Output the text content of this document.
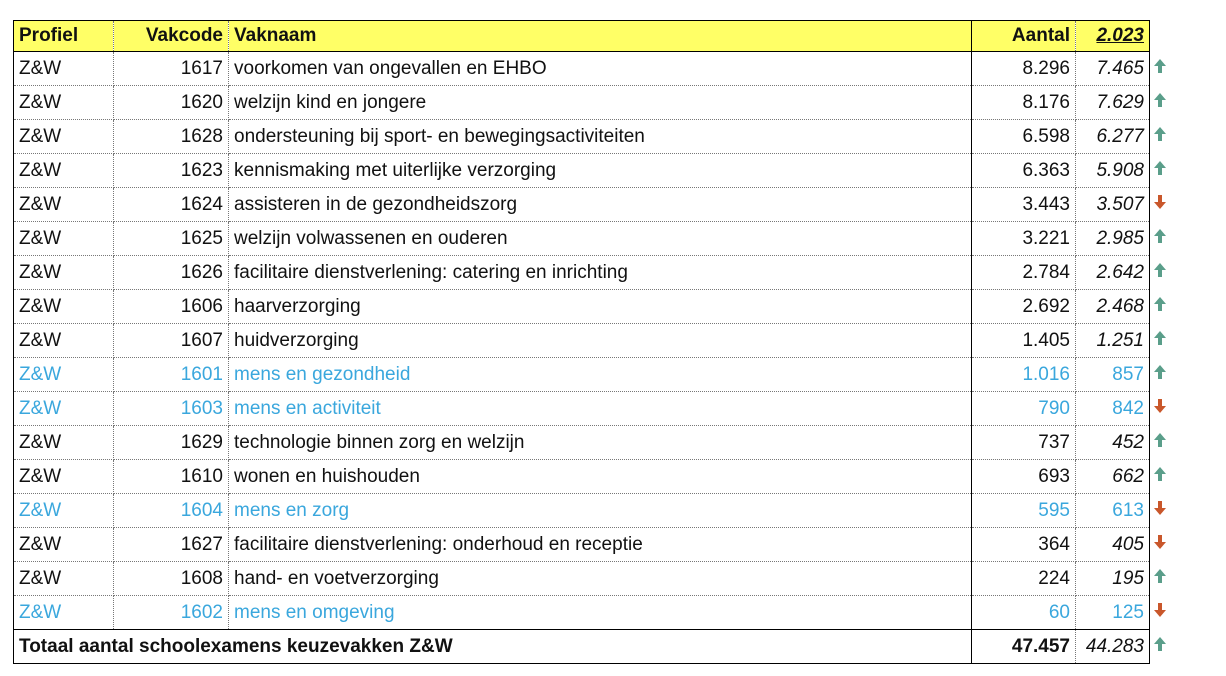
Profiel	Vakcode	Vaknaam	Aantal	2.023	
Z&W	1617	voorkomen van ongevallen en EHBO	8.296	7.465	

Z&W	1620	welzijn kind en jongere	8.176	7.629	

Z&W	1628	ondersteuning bij sport- en bewegingsactiviteiten	6.598	6.277	

Z&W	1623	kennismaking met uiterlijke verzorging	6.363	5.908	

Z&W	1624	assisteren in de gezondheidszorg	3.443	3.507	

Z&W	1625	welzijn volwassenen en ouderen	3.221	2.985	

Z&W	1626	facilitaire dienstverlening: catering en inrichting	2.784	2.642	

Z&W	1606	haarverzorging	2.692	2.468	

Z&W	1607	huidverzorging	1.405	1.251	

Z&W	1601	mens en gezondheid	1.016	857	

Z&W	1603	mens en activiteit	790	842	

Z&W	1629	technologie binnen zorg en welzijn	737	452	

Z&W	1610	wonen en huishouden	693	662	

Z&W	1604	mens en zorg	595	613	

Z&W	1627	facilitaire dienstverlening: onderhoud en receptie	364	405	

Z&W	1608	hand- en voetverzorging	224	195	

Z&W	1602	mens en omgeving	60	125	

Totaal aantal schoolexamens keuzevakken Z&W			47.457	44.283	
